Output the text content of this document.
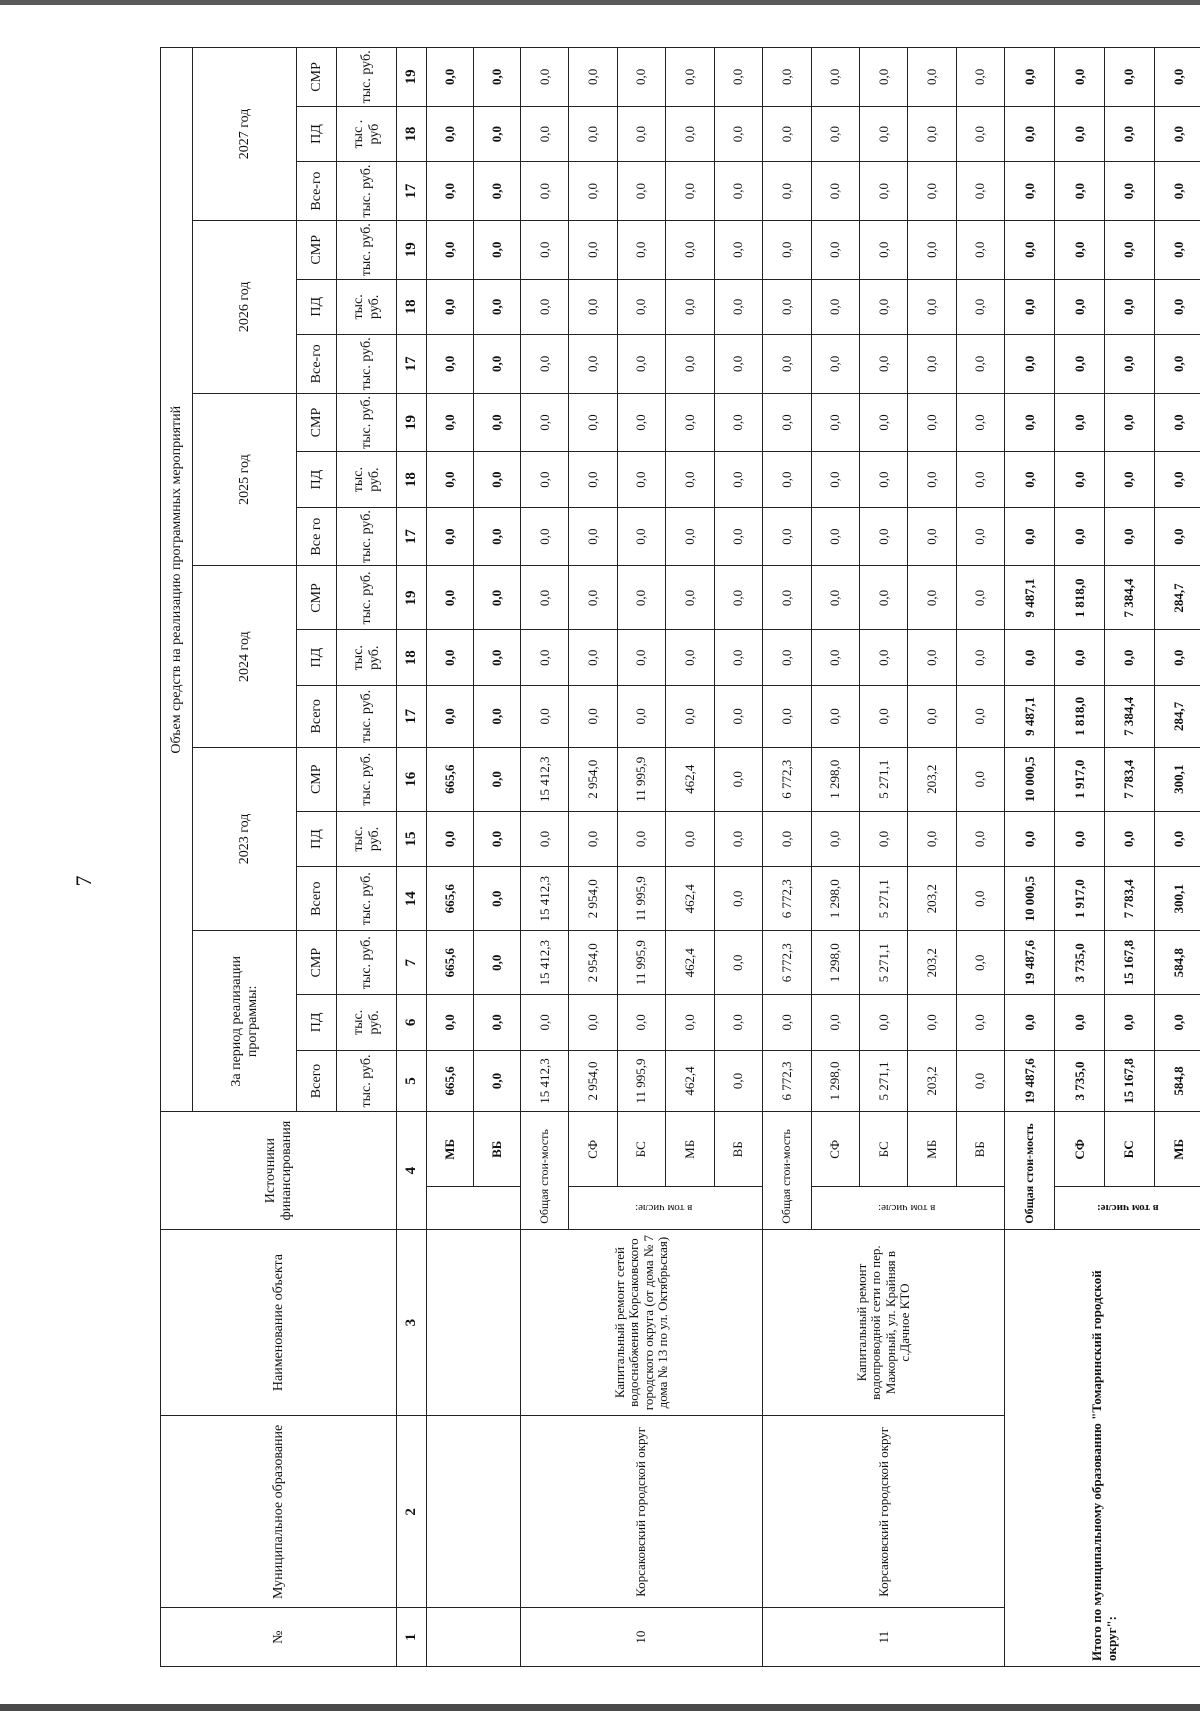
7
№	Муниципальное образование	Наименование объекта	Источники финансирования		Объем средств на реализацию программных мероприятий																	
					За период реализации программы:			2023 год			2024 год			2025 год			2026 год			2027 год		
					Всего	ПД	СМР	Всего	ПД	СМР	Всего	ПД	СМР	Все го	ПД	СМР	Все-го	ПД	СМР	Все-го	ПД	СМР
					тыс. руб.	тыс. руб.	тыс. руб.	тыс. руб.	тыс. руб.	тыс. руб.	тыс. руб.	тыс. руб.	тыс. руб.	тыс. руб.	тыс. руб.	тыс. руб.	тыс. руб.	тыс. руб.	тыс. руб.	тыс. руб.	тыс . руб	тыс. руб.
1	2	3	4		5	6	7	14	15	16	17	18	19	17	18	19	17	18	19	17	18	19
				МБ	665,6	0,0	665,6	665,6	0,0	665,6	0,0	0,0	0,0	0,0	0,0	0,0	0,0	0,0	0,0	0,0	0,0	0,0
				ВБ	0,0	0,0	0,0	0,0	0,0	0,0	0,0	0,0	0,0	0,0	0,0	0,0	0,0	0,0	0,0	0,0	0,0	0,0
10	Корсаковский городской округ	Капитальный ремонт сетей водоснабжения Корсаковского городского округа (от дома № 7 дома № 13 по ул. Октябрьская)	Общая стои-мость		15 412,3	0,0	15 412,3	15 412,3	0,0	15 412,3	0,0	0,0	0,0	0,0	0,0	0,0	0,0	0,0	0,0	0,0	0,0	0,0
			в том числе:	СФ	2 954,0	0,0	2 954,0	2 954,0	0,0	2 954,0	0,0	0,0	0,0	0,0	0,0	0,0	0,0	0,0	0,0	0,0	0,0	0,0
				БС	11 995,9	0,0	11 995,9	11 995,9	0,0	11 995,9	0,0	0,0	0,0	0,0	0,0	0,0	0,0	0,0	0,0	0,0	0,0	0,0
				МБ	462,4	0,0	462,4	462,4	0,0	462,4	0,0	0,0	0,0	0,0	0,0	0,0	0,0	0,0	0,0	0,0	0,0	0,0
				ВБ	0,0	0,0	0,0	0,0	0,0	0,0	0,0	0,0	0,0	0,0	0,0	0,0	0,0	0,0	0,0	0,0	0,0	0,0
11	Корсаковский городской округ	Капитальный ремонт водопроводной сети по пер. Мажорный, ул. Крайняя в с.Дачное КТО	Общая стои-мость		6 772,3	0,0	6 772,3	6 772,3	0,0	6 772,3	0,0	0,0	0,0	0,0	0,0	0,0	0,0	0,0	0,0	0,0	0,0	0,0
			в том числе:	СФ	1 298,0	0,0	1 298,0	1 298,0	0,0	1 298,0	0,0	0,0	0,0	0,0	0,0	0,0	0,0	0,0	0,0	0,0	0,0	0,0
				БС	5 271,1	0,0	5 271,1	5 271,1	0,0	5 271,1	0,0	0,0	0,0	0,0	0,0	0,0	0,0	0,0	0,0	0,0	0,0	0,0
				МБ	203,2	0,0	203,2	203,2	0,0	203,2	0,0	0,0	0,0	0,0	0,0	0,0	0,0	0,0	0,0	0,0	0,0	0,0
				ВБ	0,0	0,0	0,0	0,0	0,0	0,0	0,0	0,0	0,0	0,0	0,0	0,0	0,0	0,0	0,0	0,0	0,0	0,0
Итого по муниципальному образованию "Томаринский городской округ":			Общая стои-мость		19 487,6	0,0	19 487,6	10 000,5	0,0	10 000,5	9 487,1	0,0	9 487,1	0,0	0,0	0,0	0,0	0,0	0,0	0,0	0,0	0,0
			в том числе:	СФ	3 735,0	0,0	3 735,0	1 917,0	0,0	1 917,0	1 818,0	0,0	1 818,0	0,0	0,0	0,0	0,0	0,0	0,0	0,0	0,0	0,0
				БС	15 167,8	0,0	15 167,8	7 783,4	0,0	7 783,4	7 384,4	0,0	7 384,4	0,0	0,0	0,0	0,0	0,0	0,0	0,0	0,0	0,0
				МБ	584,8	0,0	584,8	300,1	0,0	300,1	284,7	0,0	284,7	0,0	0,0	0,0	0,0	0,0	0,0	0,0	0,0	0,0
